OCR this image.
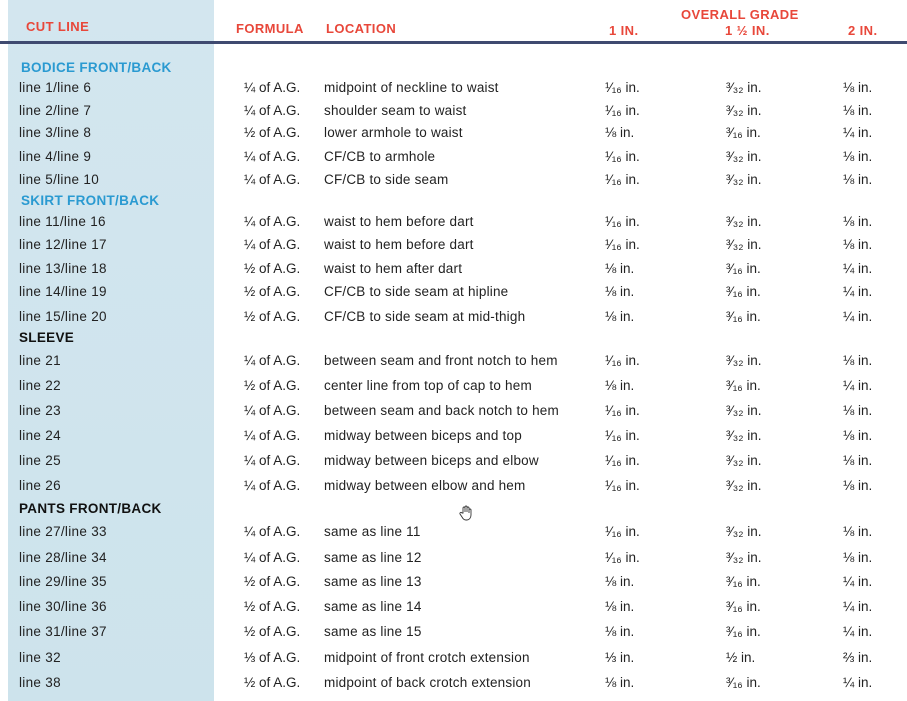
CUT LINE	FORMULA LOCATION
OVERALL GRADE
1 IN.	1 ½ IN.	2 IN.
BODICE FRONT/BACK
line 1/line 6	¼ of A.G. midpoint of neckline to waist	¹⁄₁₆ in.	³⁄₃₂ in.	⅛ in.
line 2/line 7	¼ of A.G. shoulder seam to waist	¹⁄₁₆ in.	³⁄₃₂ in.	⅛ in.
line 3/line 8	½ of A.G. lower armhole to waist	⅛ in.	³⁄₁₆ in.	¼ in.
line 4/line 9	¼ of A.G. CF/CB to armhole	¹⁄₁₆ in.	³⁄₃₂ in.	⅛ in.
line 5/line 10	¼ of A.G. CF/CB to side seam	¹⁄₁₆ in.	³⁄₃₂ in.	⅛ in.
SKIRT FRONT/BACK
line 11/line 16	¼ of A.G. waist to hem before dart	¹⁄₁₆ in.	³⁄₃₂ in.	⅛ in.
line 12/line 17	¼ of A.G. waist to hem before dart	¹⁄₁₆ in.	³⁄₃₂ in.	⅛ in.
line 13/line 18	½ of A.G. waist to hem after dart	⅛ in.	³⁄₁₆ in.	¼ in.
line 14/line 19	½ of A.G. CF/CB to side seam at hipline	⅛ in.	³⁄₁₆ in.	¼ in.
line 15/line 20	½ of A.G. CF/CB to side seam at mid-thigh	⅛ in.	³⁄₁₆ in.	¼ in.
SLEEVE
line 21	¼ of A.G. between seam and front notch to hem	¹⁄₁₆ in.	³⁄₃₂ in.	⅛ in.
line 22	½ of A.G. center line from top of cap to hem	⅛ in.	³⁄₁₆ in.	¼ in.
line 23	¼ of A.G. between seam and back notch to hem	¹⁄₁₆ in.	³⁄₃₂ in.	⅛ in.
line 24	¼ of A.G. midway between biceps and top	¹⁄₁₆ in.	³⁄₃₂ in.	⅛ in.
line 25	¼ of A.G. midway between biceps and elbow	¹⁄₁₆ in.	³⁄₃₂ in.	⅛ in.
line 26	¼ of A.G. midway between elbow and hem	¹⁄₁₆ in.	³⁄₃₂ in.	⅛ in.
PANTS FRONT/BACK
line 27/line 33	¼ of A.G. same as line 11	¹⁄₁₆ in.	³⁄₃₂ in.	⅛ in.
line 28/line 34	¼ of A.G. same as line 12	¹⁄₁₆ in.	³⁄₃₂ in.	⅛ in.
line 29/line 35	½ of A.G. same as line 13	⅛ in.	³⁄₁₆ in.	¼ in.
line 30/line 36	½ of A.G. same as line 14	⅛ in.	³⁄₁₆ in.	¼ in.
line 31/line 37	½ of A.G. same as line 15	⅛ in.	³⁄₁₆ in.	¼ in.
line 32	⅓ of A.G. midpoint of front crotch extension	⅓ in.	½ in.	⅔ in.
line 38	½ of A.G. midpoint of back crotch extension	⅛ in.	³⁄₁₆ in.	¼ in.
